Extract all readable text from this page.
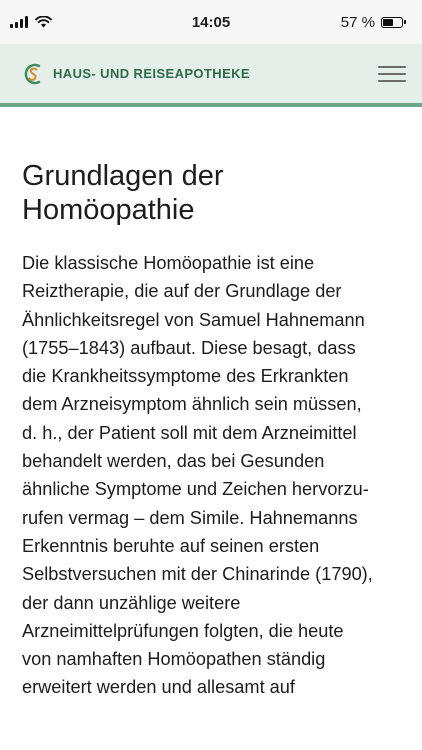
14:05	57 %
HAUS- UND REISEAPOTHEKE
Grundlagen der
Homöopathie

Die klassische Homöopathie ist eine
Reiztherapie, die auf der Grundlage der
Ähnlichkeitsregel von Samuel Hahnemann
(1755–1843) aufbaut. Diese besagt, dass
die Krankheitssymptome des Erkrankten
dem Arzneisymptom ähnlich sein müssen,
d. h., der Patient soll mit dem Arzneimittel
behandelt werden, das bei Gesunden
ähnliche Symptome und Zeichen hervorzu-
rufen vermag – dem Simile. Hahnemanns
Erkenntnis beruhte auf seinen ersten
Selbstversuchen mit der Chinarinde (1790),
der dann unzählige weitere
Arzneimittelprüfungen folgten, die heute
von namhaften Homöopathen ständig
erweitert werden und allesamt auf
